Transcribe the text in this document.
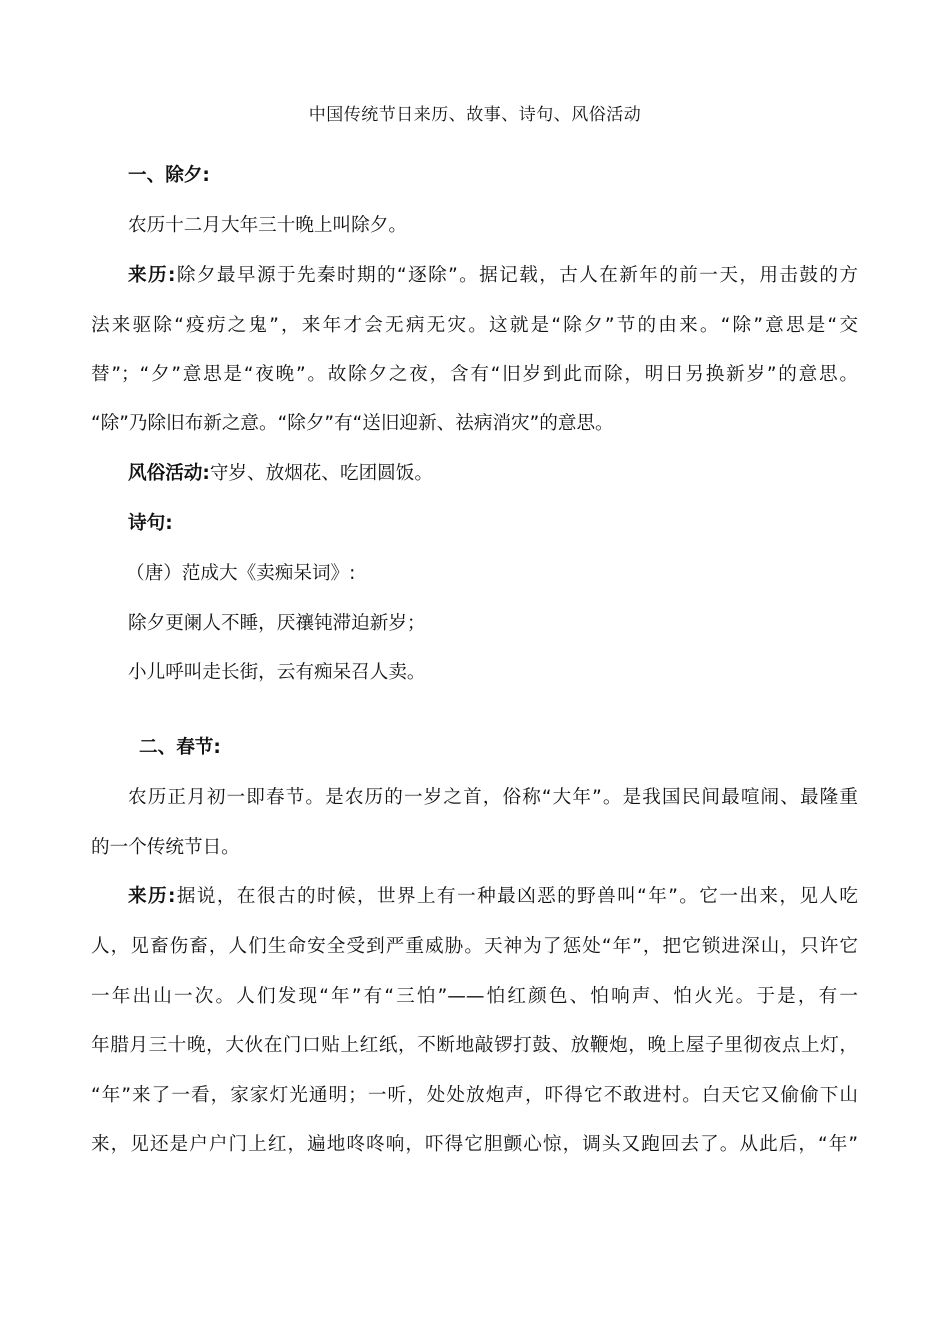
中国传统节日来历、故事、诗句、风俗活动
一、除夕:
农历十二月大年三十晚上叫除夕。
来历:除夕最早源于先秦时期的“逐除”。据记载，古人在新年的前一天，用击鼓的方
法来驱除“疫疠之鬼”，来年才会无病无灾。这就是“除夕”节的由来。“除”意思是“交
替”；“夕”意思是“夜晚”。故除夕之夜，含有“旧岁到此而除，明日另换新岁”的意思。
“除”乃除旧布新之意。“除夕”有“送旧迎新、祛病消灾”的意思。
风俗活动:守岁、放烟花、吃团圆饭。
诗句:
（唐）范成大《卖痴呆词》:
除夕更阑人不睡，厌禳钝滞迫新岁；
小儿呼叫走长街，云有痴呆召人卖。
二、春节:
农历正月初一即春节。是农历的一岁之首，俗称“大年”。是我国民间最喧闹、最隆重
的一个传统节日。
来历:据说，在很古的时候，世界上有一种最凶恶的野兽叫“年”。它一出来，见人吃
人，见畜伤畜，人们生命安全受到严重威胁。天神为了惩处“年”，把它锁进深山，只许它
一年出山一次。人们发现“年”有“三怕”——怕红颜色、怕响声、怕火光。于是，有一
年腊月三十晚，大伙在门口贴上红纸，不断地敲锣打鼓、放鞭炮，晚上屋子里彻夜点上灯，
“年”来了一看，家家灯光通明；一听，处处放炮声，吓得它不敢进村。白天它又偷偷下山
来，见还是户户门上红，遍地咚咚响，吓得它胆颤心惊，调头又跑回去了。从此后，“年”
